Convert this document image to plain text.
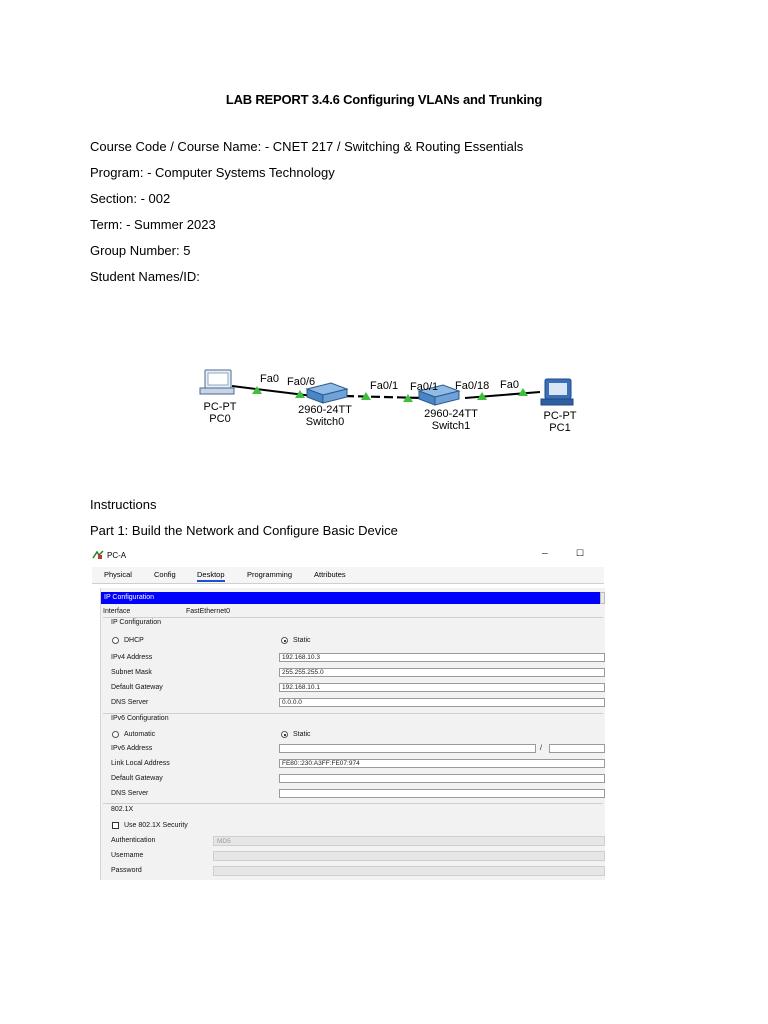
LAB REPORT 3.4.6 Configuring VLANs and Trunking
Course Code / Course Name: - CNET 217 / Switching & Routing Essentials
Program: - Computer Systems Technology
Section: - 002
Term: - Summer 2023
Group Number: 5
Student Names/ID:
Fa0 Fa0/6	Fa0/1 Fa0/1 Fa0/18 Fa0
PC-PT
PC0
2960-24TT
Switch0
2960-24TT
Switch1
PC-PT
PC1
Instructions
Part 1: Build the Network and Configure Basic Device
PC-A	─	☐
Physical	Config	Desktop	Programming	Attributes
IP Configuration
Interface	FastEthernet0
IP Configuration
DHCP	Static
IPv4 Address	192.168.10.3
Subnet Mask	255.255.255.0
Default Gateway	192.168.10.1
DNS Server	0.0.0.0
IPv6 Configuration
Automatic	Static
IPv6 Address	/
Link Local Address	FE80::230:A3FF:FE07:974
Default Gateway
DNS Server
802.1X
Use 802.1X Security
Authentication	MD5
Username
Password
